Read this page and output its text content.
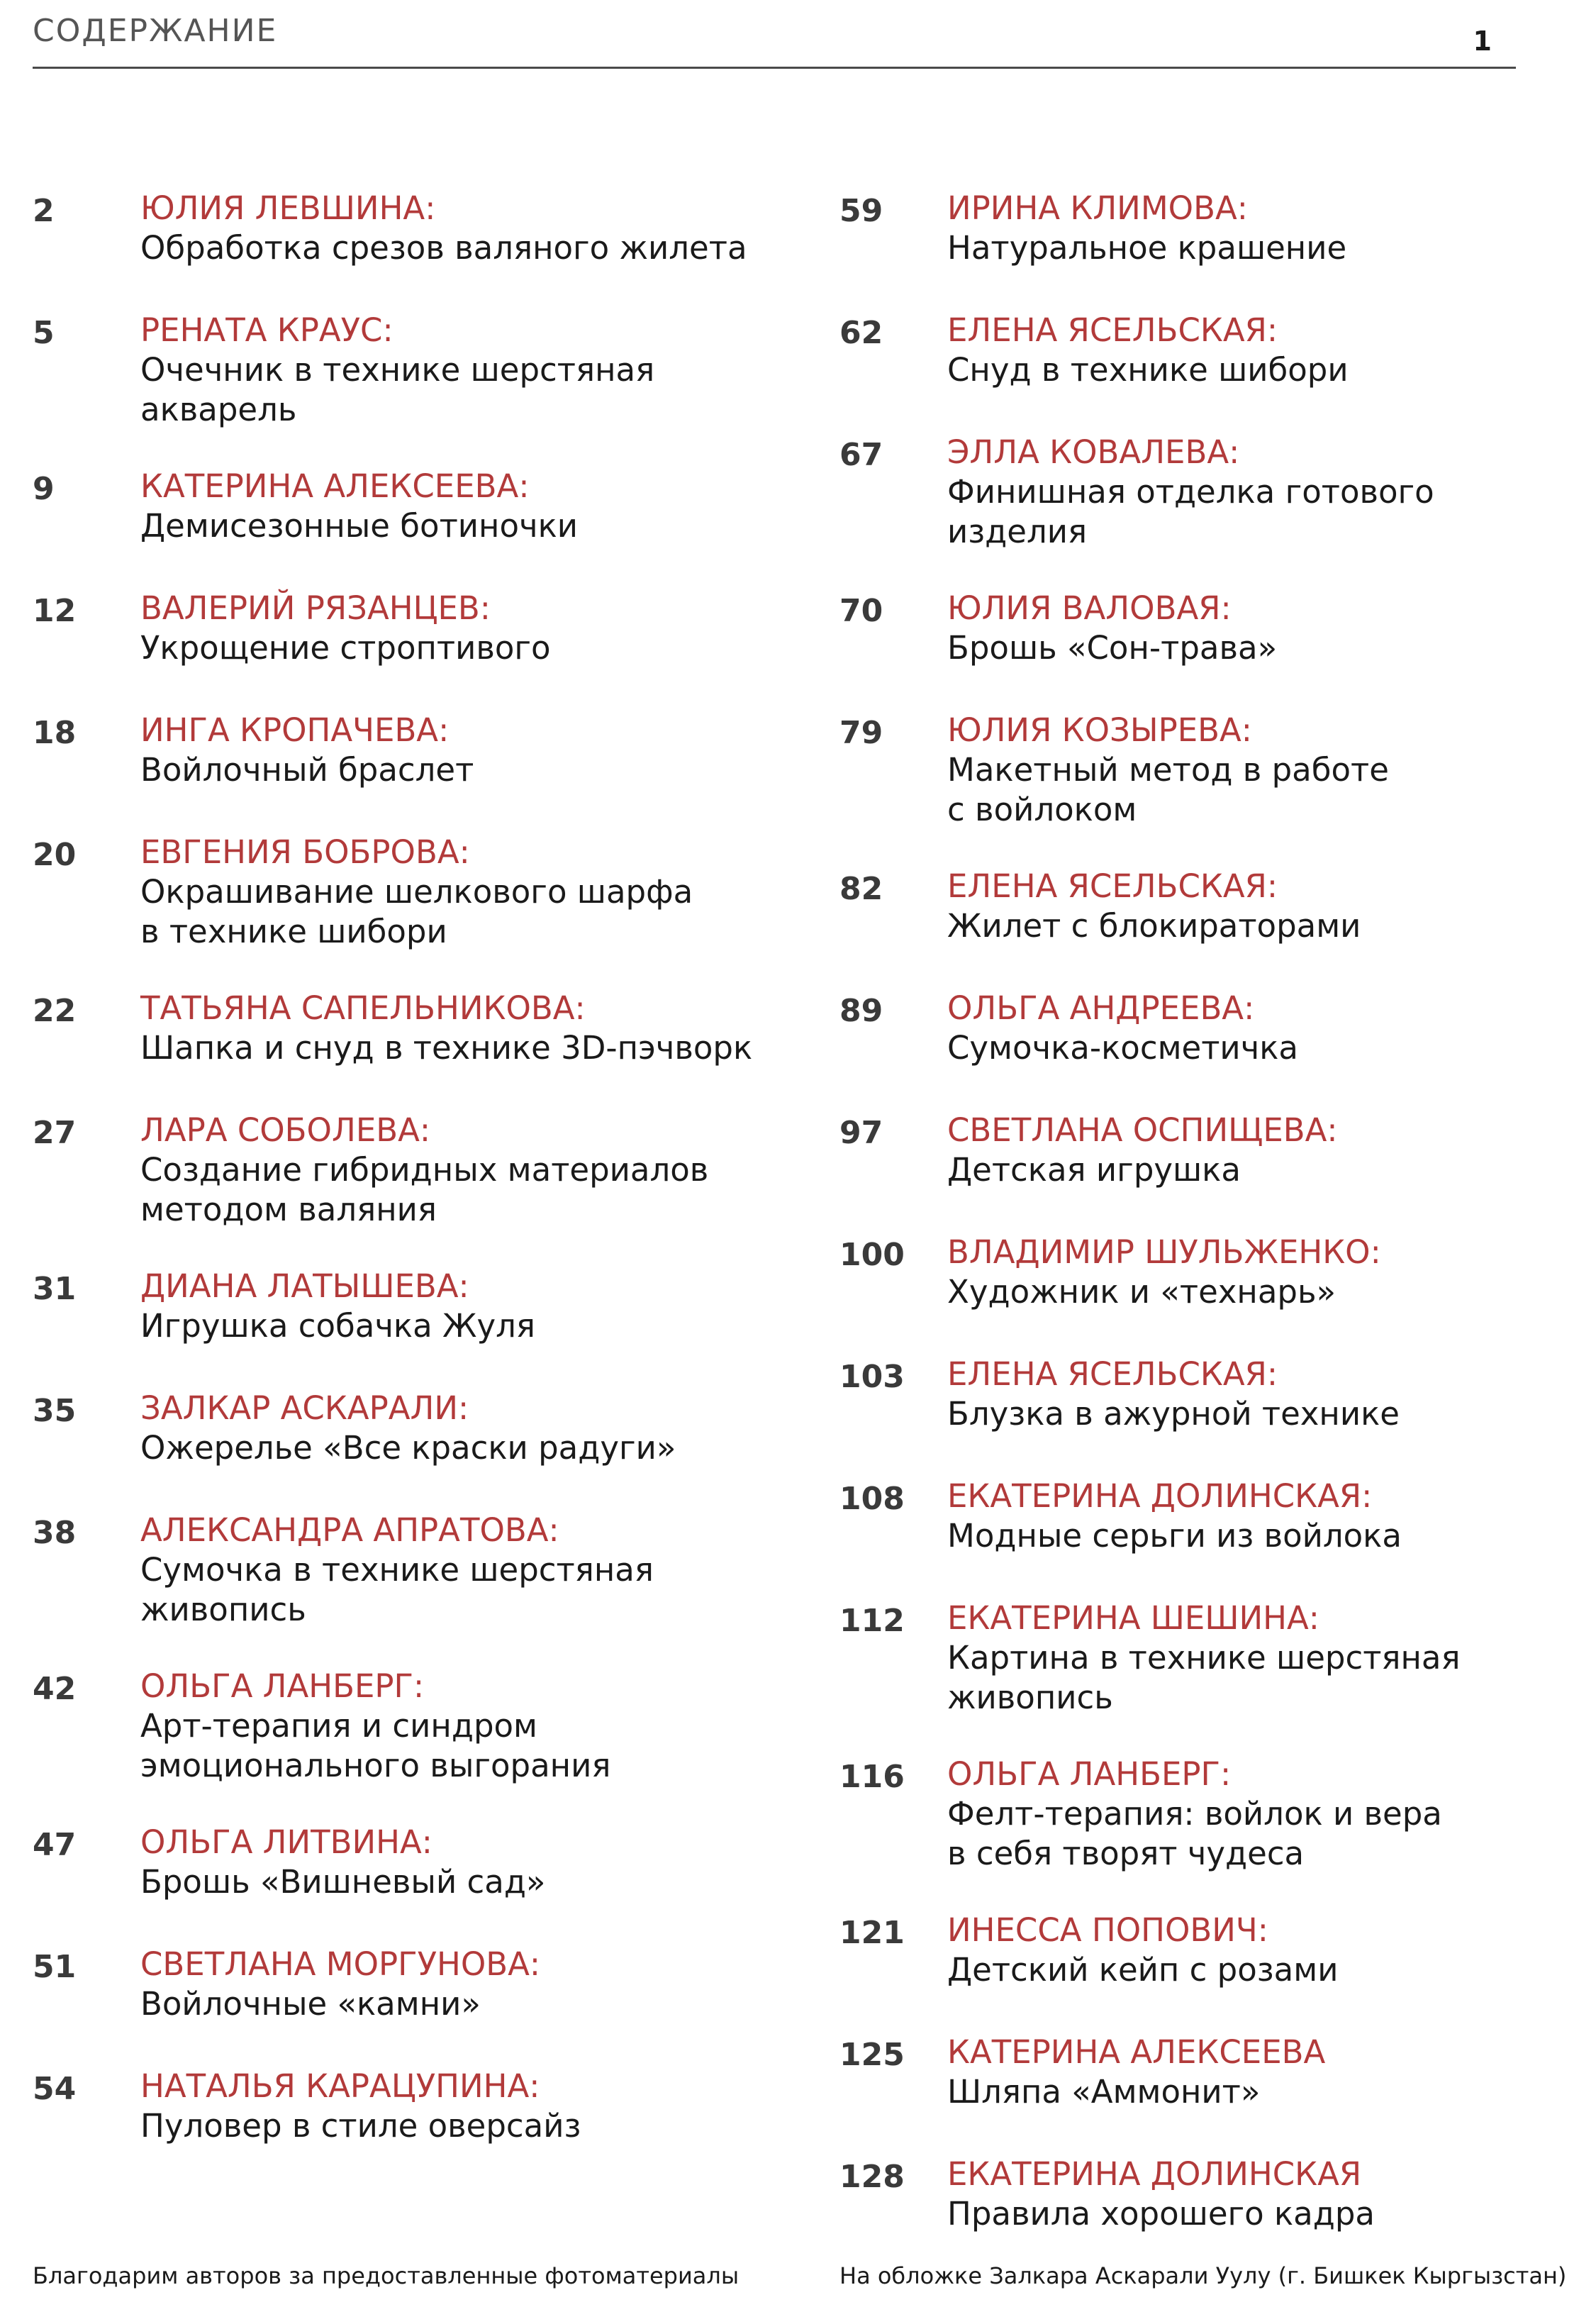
СОДЕРЖАНИЕ	1
2	ЮЛИЯ ЛЕВШИНА:
Обработка срезов валяного жилета
5	РЕНАТА КРАУС:
Очечник в технике шерстяная
акварель
9	КАТЕРИНА АЛЕКСЕЕВА:
Демисезонные ботиночки
12 ВАЛЕРИЙ РЯЗАНЦЕВ:
Укрощение строптивого
18 ИНГА КРОПАЧЕВА:
Войлочный браслет
20 ЕВГЕНИЯ БОБРОВА:
Окрашивание шелкового шарфа
в технике шибори
22 ТАТЬЯНА САПЕЛЬНИКОВА:
Шапка и снуд в технике 3D-пэчворк
27 ЛАРА СОБОЛЕВА:
Создание гибридных материалов
методом валяния
31 ДИАНА ЛАТЫШЕВА:
Игрушка собачка Жуля
35 ЗАЛКАР АСКАРАЛИ:
Ожерелье «Все краски радуги»
38 АЛЕКСАНДРА АПРАТОВА:
Сумочка в технике шерстяная
живопись
42 ОЛЬГА ЛАНБЕРГ:
Арт-терапия и синдром
эмоционального выгорания
47 ОЛЬГА ЛИТВИНА:
Брошь «Вишневый сад»
51 СВЕТЛАНА МОРГУНОВА:
Войлочные «камни»
54 НАТАЛЬЯ КАРАЦУПИНА:
Пуловер в стиле оверсайз
59 ИРИНА КЛИМОВА:
Натуральное крашение
62 ЕЛЕНА ЯСЕЛЬСКАЯ:
Снуд в технике шибори
67 ЭЛЛА КОВАЛЕВА:
Финишная отделка готового
изделия
70 ЮЛИЯ ВАЛОВАЯ:
Брошь «Сон-трава»
79 ЮЛИЯ КОЗЫРЕВА:
Макетный метод в работе
с войлоком
82 ЕЛЕНА ЯСЕЛЬСКАЯ:
Жилет с блокираторами
89 ОЛЬГА АНДРЕЕВА:
Сумочка-косметичка
97 СВЕТЛАНА ОСПИЩЕВА:
Детская игрушка
100 ВЛАДИМИР ШУЛЬЖЕНКО:
Художник и «технарь»
103 ЕЛЕНА ЯСЕЛЬСКАЯ:
Блузка в ажурной технике
108 ЕКАТЕРИНА ДОЛИНСКАЯ:
Модные серьги из войлока
112 ЕКАТЕРИНА ШЕШИНА:
Картина в технике шерстяная
живопись
116 ОЛЬГА ЛАНБЕРГ:
Фелт-терапия: войлок и вера
в себя творят чудеса
121 ИНЕССА ПОПОВИЧ:
Детский кейп с розами
125 КАТЕРИНА АЛЕКСЕЕВА
Шляпа «Аммонит»
128 ЕКАТЕРИНА ДОЛИНСКАЯ
Правила хорошего кадра
Благодарим авторов за предоставленные фотоматериалы	На обложке Залкара Аскарали Уулу (г. Бишкек Кыргызстан)
